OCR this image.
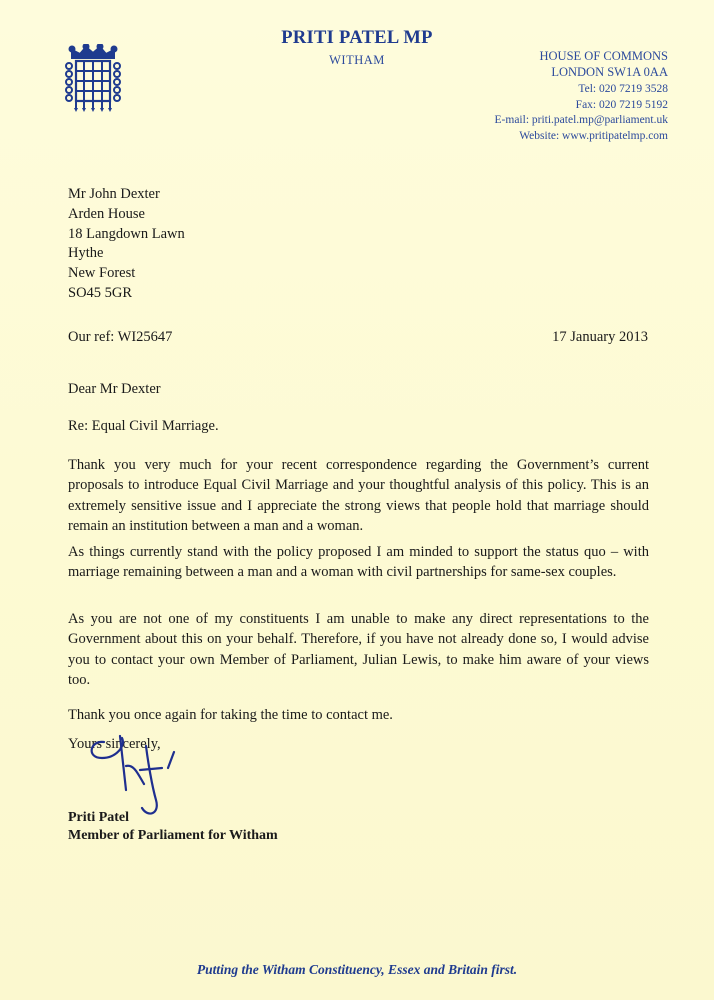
PRITI PATEL MP
WITHAM	HOUSE OF COMMONS
LONDON SW1A 0AA
Tel: 020 7219 3528
Fax: 020 7219 5192
E-mail: priti.patel.mp@parliament.uk
Website: www.pritipatelmp.com
Mr John Dexter
Arden House
18 Langdown Lawn
Hythe
New Forest
SO45 5GR
Our ref: WI25647	17 January 2013
Dear Mr Dexter
Re: Equal Civil Marriage.
Thank you very much for your recent correspondence regarding the Government’s current proposals to introduce Equal Civil Marriage and your thoughtful analysis of this policy. This is an extremely sensitive issue and I appreciate the strong views that people hold that marriage should remain an institution between a man and a woman.
As things currently stand with the policy proposed I am minded to support the status quo – with marriage remaining between a man and a woman with civil partnerships for same-sex couples.
As you are not one of my constituents I am unable to make any direct representations to the Government about this on your behalf. Therefore, if you have not already done so, I would advise you to contact your own Member of Parliament, Julian Lewis, to make him aware of your views too.
Thank you once again for taking the time to contact me.
Yours sincerely,
Priti Patel
Member of Parliament for Witham
Putting the Witham Constituency, Essex and Britain first.
